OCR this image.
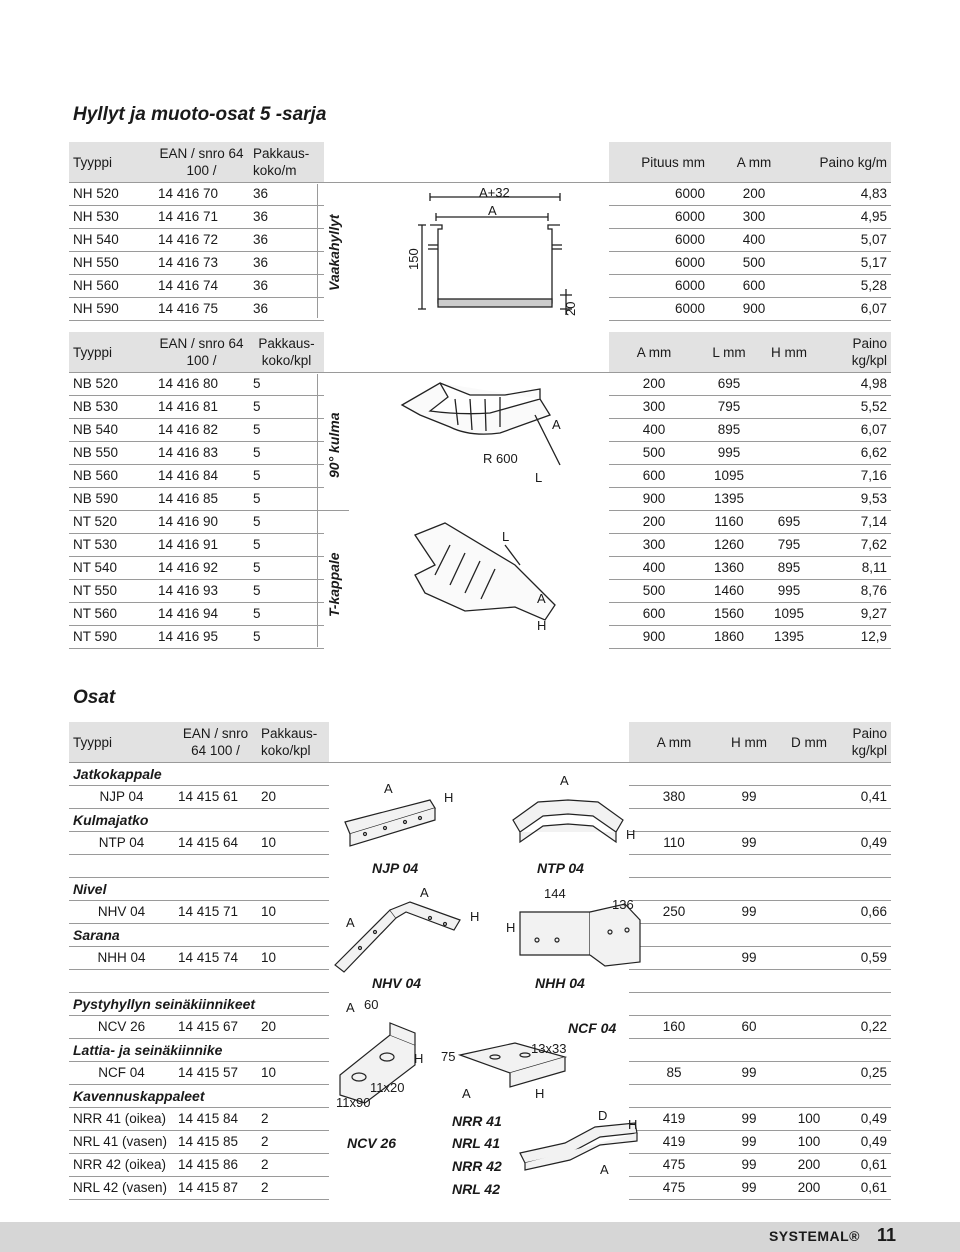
Hyllyt ja muoto-osat 5 -sarja
Tyyppi	EAN / snro 64 100 /	Pakkaus- koko/m			Pituus mm	A mm	Paino kg/m
NH 520	14 416 70	36			6000	200	4,83
NH 530	14 416 71	36			6000	300	4,95
NH 540	14 416 72	36			6000	400	5,07
NH 550	14 416 73	36			6000	500	5,17
NH 560	14 416 74	36			6000	600	5,28
NH 590	14 416 75	36			6000	900	6,07
Tyyppi	EAN / snro 64 100 /	Pakkaus- koko/kpl			A mm	L mm	H mm	Paino kg/kpl
NB 520	14 416 80	5			200	695		4,98
NB 530	14 416 81	5			300	795		5,52
NB 540	14 416 82	5			400	895		6,07
NB 550	14 416 83	5			500	995		6,62
NB 560	14 416 84	5			600	1095		7,16
NB 590	14 416 85	5			900	1395		9,53
NT 520	14 416 90	5			200	1160	695	7,14
NT 530	14 416 91	5			300	1260	795	7,62
NT 540	14 416 92	5			400	1360	895	8,11
NT 550	14 416 93	5			500	1460	995	8,76
NT 560	14 416 94	5			600	1560	1095	9,27
NT 590	14 416 95	5			900	1860	1395	12,9
Osat
Tyyppi	EAN / snro 64 100 /	Pakkaus- koko/kpl		A mm	H mm	D mm	Paino kg/kpl
Jatkokappale							
NJP 04	14 415 61	20		380	99		0,41
Kulmajatko							
NTP 04	14 415 64	10		110	99		0,49

Nivel							
NHV 04	14 415 71	10		250	99		0,66
Sarana							
NHH 04	14 415 74	10			99		0,59

Pystyhyllyn seinäkiinnikeet							
NCV 26	14 415 67	20		160	60		0,22
Lattia- ja seinäkiinnike							
NCF 04	14 415 57	10		85	99		0,25
Kavennuskappaleet							
NRR 41 (oikea)	14 415 84	2		419	99	100	0,49
NRL 41 (vasen)	14 415 85	2		419	99	100	0,49
NRR 42 (oikea)	14 415 86	2		475	99	200	0,61
NRL 42 (vasen)	14 415 87	2		475	99	200	0,61
Vaakahyllyt
90° kulma
T-kappale
A+32
A
150
20
R 600
A
L
L
A
H
A
H
NJP 04
A
H
NTP 04
A
A	H
NHV 04
144
136
H
NHH 04
A 60
H
11x20
11x90
NCV 26
NCF 04
13x33
75
A	H
D
H
A
NRR 41
NRL 41
NRR 42
NRL 42
SYSTEMAL® 11
